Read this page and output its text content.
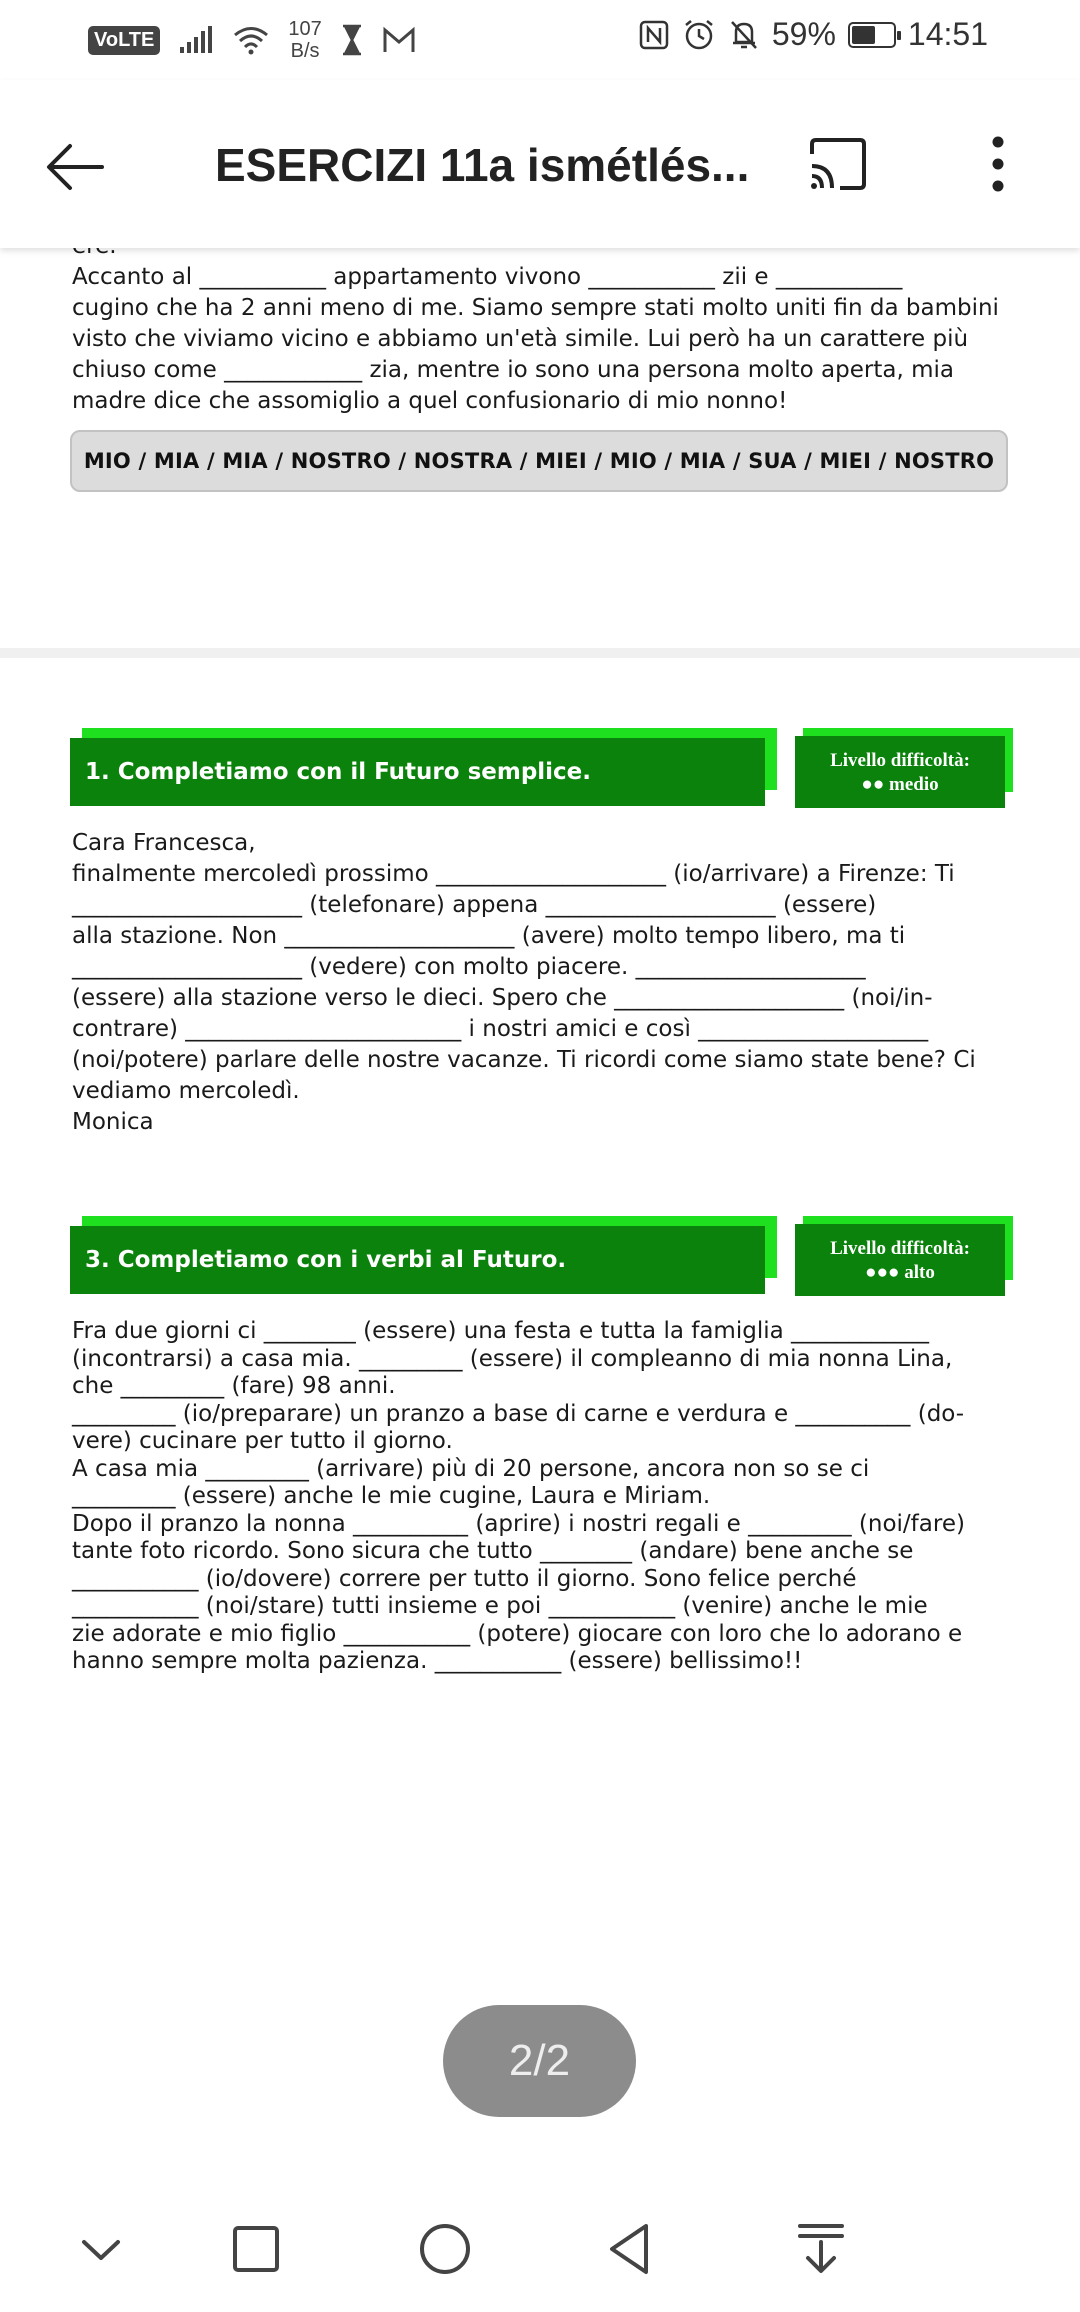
VoLTE	107
B/s	59% 14:51
ESERCIZI 11a ismétlés...
Accanto al ___________ appartamento vivono ___________ zii e ___________
cugino che ha 2 anni meno di me. Siamo sempre stati molto uniti fin da bambini
visto che viviamo vicino e abbiamo un'età simile. Lui però ha un carattere più
chiuso come ____________ zia, mentre io sono una persona molto aperta, mia
madre dice che assomiglio a quel confusionario di mio nonno!
MIO / MIA / MIA / NOSTRO / NOSTRA / MIEI / MIO / MIA / SUA / MIEI / NOSTRO
1. Completiamo con il Futuro semplice.	Livello difficoltà:
●● medio
Cara Francesca,
finalmente mercoledì prossimo ____________________ (io/arrivare) a Firenze: Ti
____________________ (telefonare) appena ____________________ (essere)
alla stazione. Non ____________________ (avere) molto tempo libero, ma ti
____________________ (vedere) con molto piacere. ____________________
(essere) alla stazione verso le dieci. Spero che ____________________ (noi/in-
contrare) ________________________ i nostri amici e così ____________________
(noi/potere) parlare delle nostre vacanze. Ti ricordi come siamo state bene? Ci
vediamo mercoledì.
Monica
3. Completiamo con i verbi al Futuro.	Livello difficoltà:
●●● alto
Fra due giorni ci ________ (essere) una festa e tutta la famiglia ____________
(incontrarsi) a casa mia. _________ (essere) il compleanno di mia nonna Lina,
che _________ (fare) 98 anni.
_________ (io/preparare) un pranzo a base di carne e verdura e __________ (do-
vere) cucinare per tutto il giorno.
A casa mia _________ (arrivare) più di 20 persone, ancora non so se ci
_________ (essere) anche le mie cugine, Laura e Miriam.
Dopo il pranzo la nonna __________ (aprire) i nostri regali e _________ (noi/fare)
tante foto ricordo. Sono sicura che tutto ________ (andare) bene anche se
___________ (io/dovere) correre per tutto il giorno. Sono felice perché
___________ (noi/stare) tutti insieme e poi ___________ (venire) anche le mie
zie adorate e mio figlio ___________ (potere) giocare con loro che lo adorano e
hanno sempre molta pazienza. ___________ (essere) bellissimo!!
2/2
